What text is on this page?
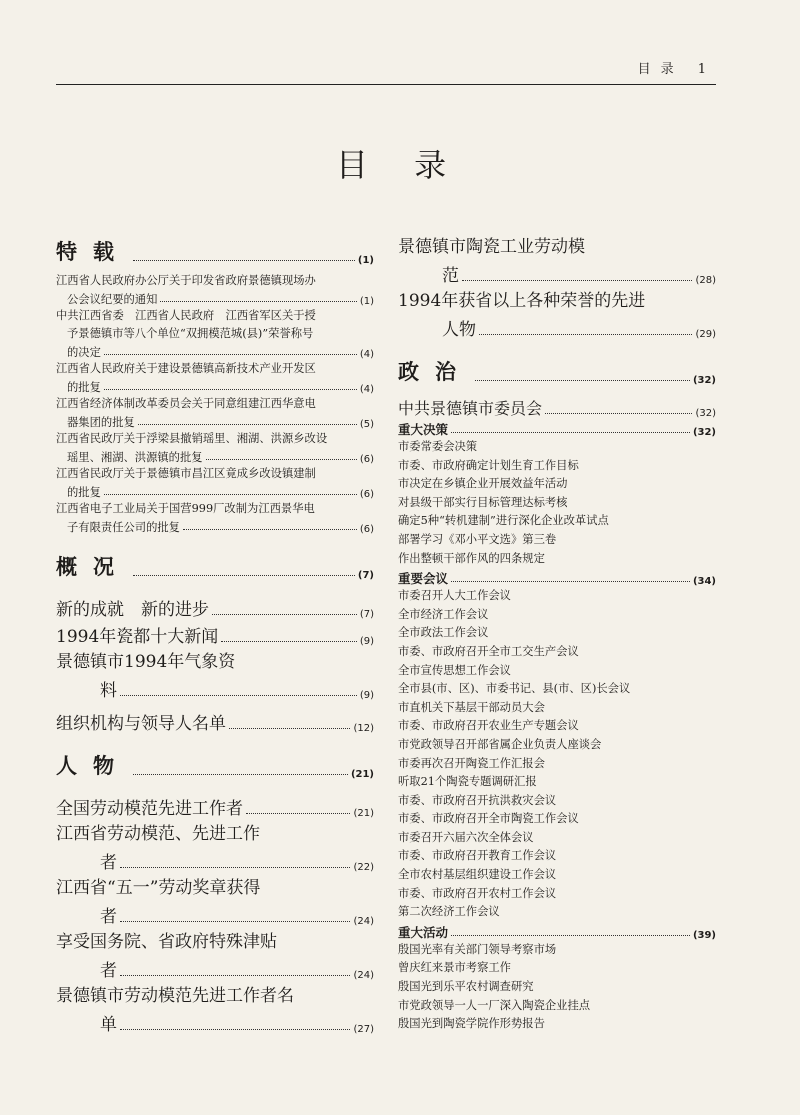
目录 1
目 录
特载	(1)
江西省人民政府办公厅关于印发省政府景德镇现场办
公会议纪要的通知	(1)
中共江西省委　江西省人民政府　江西省军区关于授
予景德镇市等八个单位“双拥模范城(县)”荣誉称号
的决定	(4)
江西省人民政府关于建设景德镇高新技术产业开发区
的批复	(4)
江西省经济体制改革委员会关于同意组建江西华意电
器集团的批复	(5)
江西省民政厅关于浮梁县撤销瑶里、湘湖、洪源乡改设
瑶里、湘湖、洪源镇的批复	(6)
江西省民政厅关于景德镇市昌江区竟成乡改设镇建制
的批复	(6)
江西省电子工业局关于国营999厂改制为江西景华电
子有限责任公司的批复	(6)
概况	(7)
新的成就　新的进步	(7)
1994年瓷都十大新闻	(9)
景德镇市1994年气象资
料	(9)
组织机构与领导人名单	(12)
人物	(21)
全国劳动模范先进工作者	(21)
江西省劳动模范、先进工作
者	(22)
江西省“五一”劳动奖章获得
者	(24)
享受国务院、省政府特殊津贴
者	(24)
景德镇市劳动模范先进工作者名
单	(27)
景德镇市陶瓷工业劳动模
范	(28)
1994年获省以上各种荣誉的先进
人物	(29)
政治	(32)
中共景德镇市委员会	(32)
重大决策	(32)
市委常委会决策
市委、市政府确定计划生育工作目标
市决定在乡镇企业开展效益年活动
对县级干部实行目标管理达标考核
确定5种“转机建制”进行深化企业改革试点
部署学习《邓小平文选》第三卷
作出整顿干部作风的四条规定
重要会议	(34)
市委召开人大工作会议
全市经济工作会议
全市政法工作会议
市委、市政府召开全市工交生产会议
全市宣传思想工作会议
全市县(市、区)、市委书记、县(市、区)长会议
市直机关下基层干部动员大会
市委、市政府召开农业生产专题会议
市党政领导召开部省属企业负责人座谈会
市委再次召开陶瓷工作汇报会
听取21个陶瓷专题调研汇报
市委、市政府召开抗洪救灾会议
市委、市政府召开全市陶瓷工作会议
市委召开六届六次全体会议
市委、市政府召开教育工作会议
全市农村基层组织建设工作会议
市委、市政府召开农村工作会议
第二次经济工作会议
重大活动	(39)
殷国光率有关部门领导考察市场
曾庆红来景市考察工作
殷国光到乐平农村调查研究
市党政领导一人一厂深入陶瓷企业挂点
殷国光到陶瓷学院作形势报告
